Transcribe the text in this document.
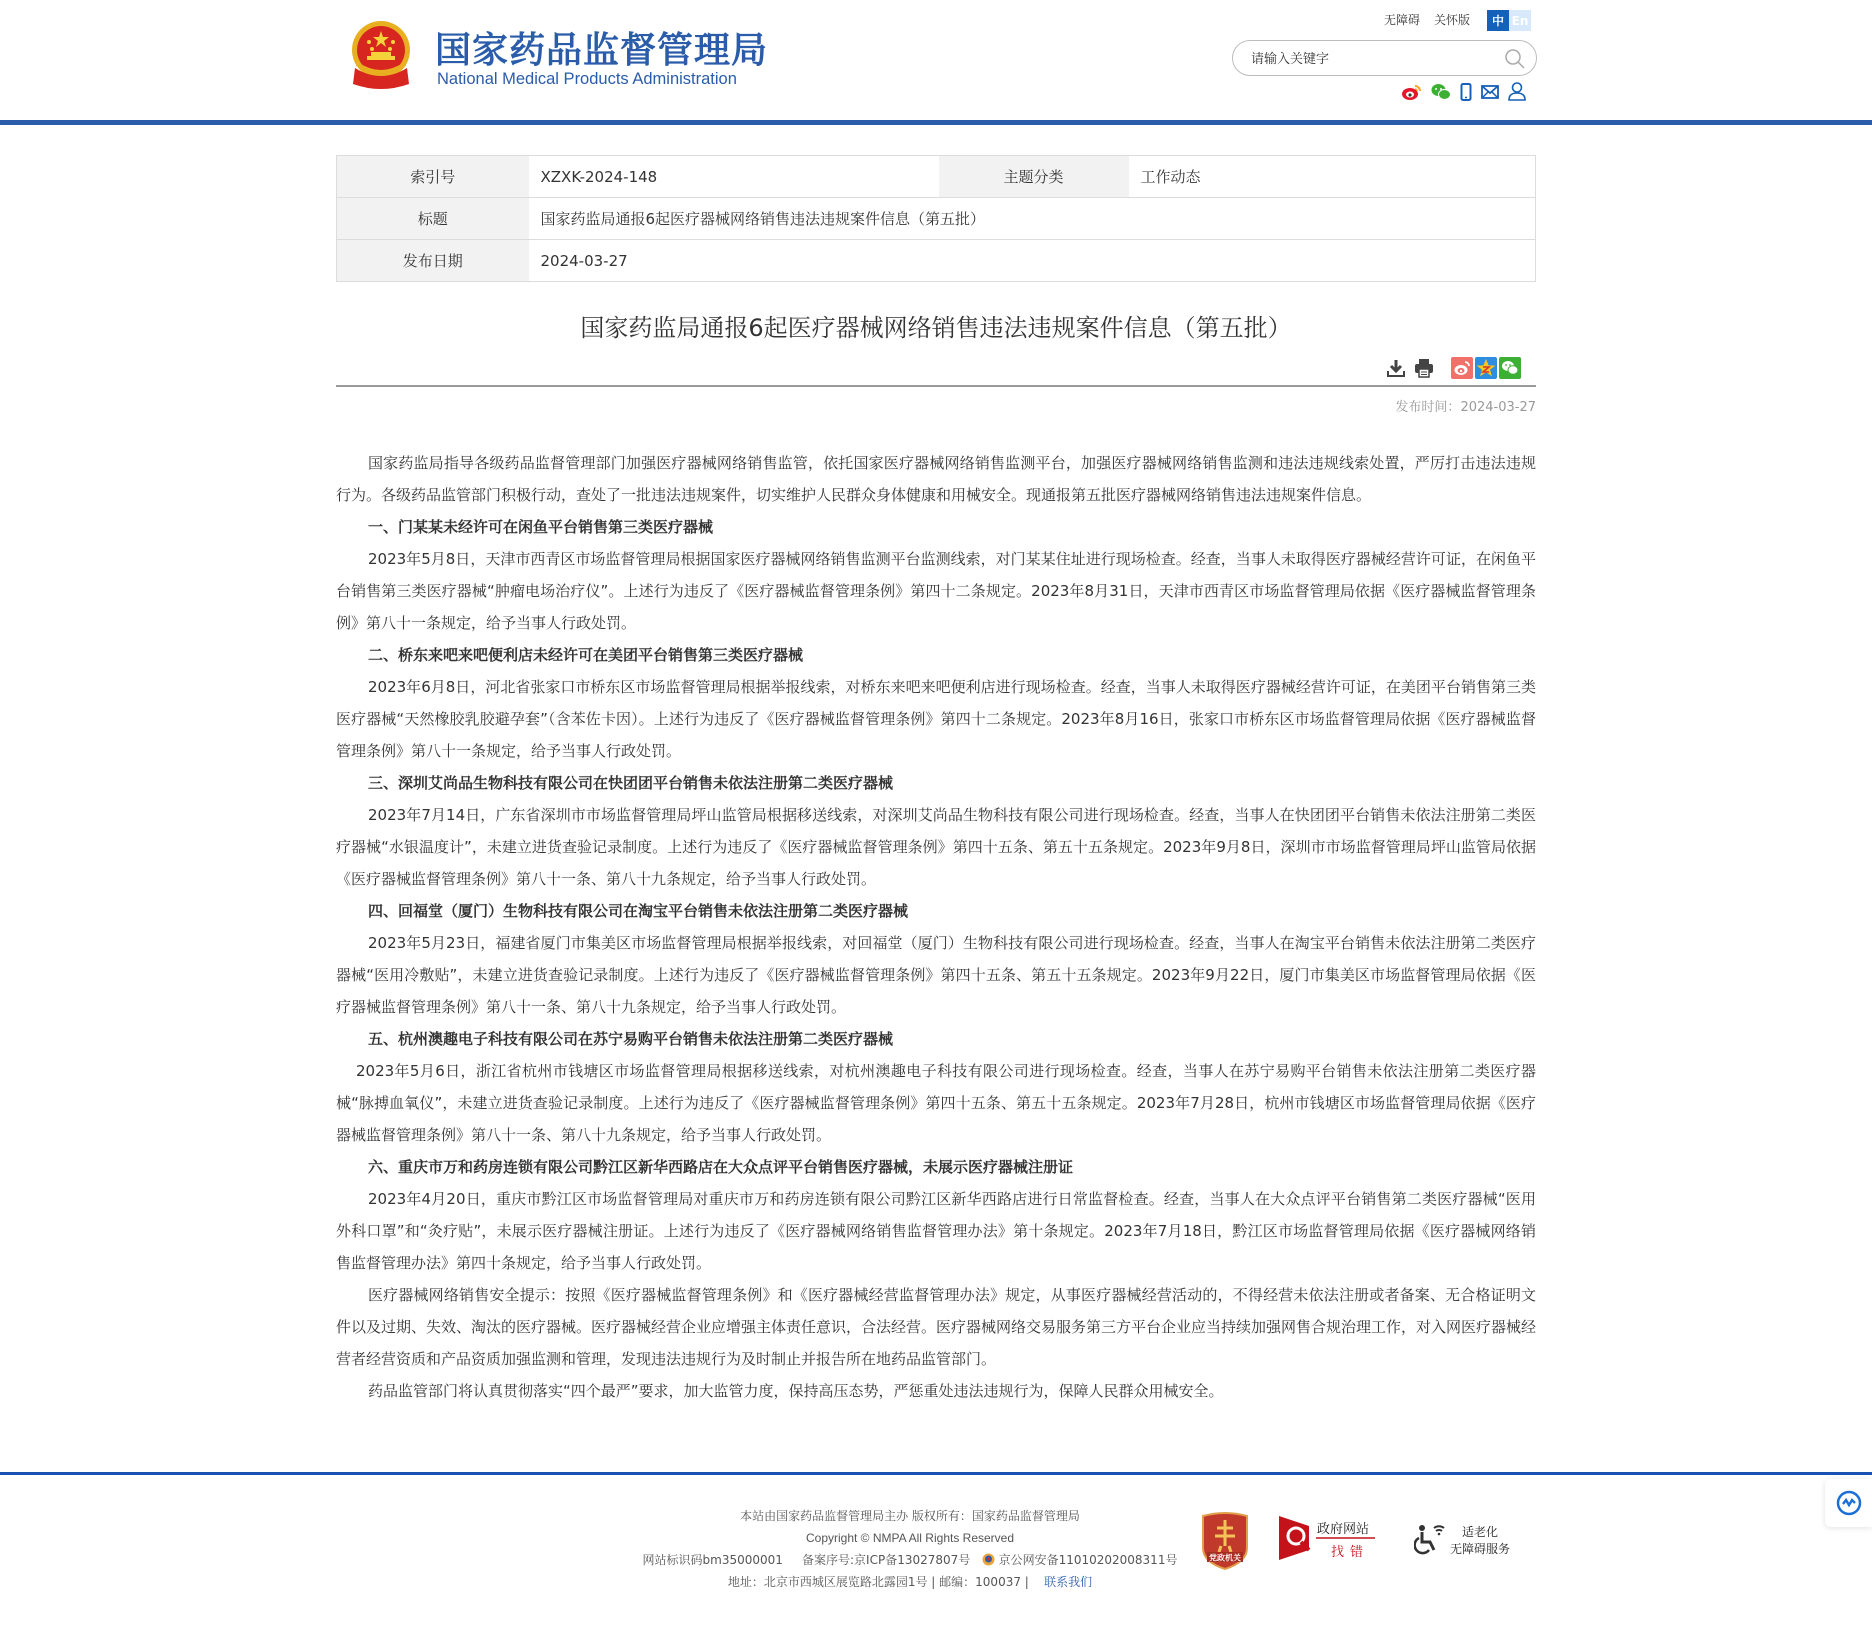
国家药品监督管理局
National Medical Products Administration
无障碍 关怀版	中 En
请输入关键字
索引号	XZXK-2024-148	主题分类	工作动态
标题	国家药监局通报6起医疗器械网络销售违法违规案件信息（第五批）		
发布日期	2024-03-27		
国家药监局通报6起医疗器械网络销售违法违规案件信息（第五批）
发布时间：2024-03-27

国家药监局指导各级药品监督管理部门加强医疗器械网络销售监管，依托国家医疗器械网络销售监测平台，加强医疗器械网络销售监测和违法违规线索处置，严厉打击违法违规行为。各级药品监管部门积极行动，查处了一批违法违规案件，切实维护人民群众身体健康和用械安全。现通报第五批医疗器械网络销售违法违规案件信息。

一、门某某未经许可在闲鱼平台销售第三类医疗器械

2023年5月8日，天津市西青区市场监督管理局根据国家医疗器械网络销售监测平台监测线索，对门某某住址进行现场检查。经查，当事人未取得医疗器械经营许可证，在闲鱼平台销售第三类医疗器械“肿瘤电场治疗仪”。上述行为违反了《医疗器械监督管理条例》第四十二条规定。2023年8月31日，天津市西青区市场监督管理局依据《医疗器械监督管理条例》第八十一条规定，给予当事人行政处罚。

二、桥东来吧来吧便利店未经许可在美团平台销售第三类医疗器械

2023年6月8日，河北省张家口市桥东区市场监督管理局根据举报线索，对桥东来吧来吧便利店进行现场检查。经查，当事人未取得医疗器械经营许可证，在美团平台销售第三类医疗器械“天然橡胶乳胶避孕套”（含苯佐卡因）。上述行为违反了《医疗器械监督管理条例》第四十二条规定。2023年8月16日，张家口市桥东区市场监督管理局依据《医疗器械监督管理条例》第八十一条规定，给予当事人行政处罚。

三、深圳艾尚品生物科技有限公司在快团团平台销售未依法注册第二类医疗器械

2023年7月14日，广东省深圳市市场监督管理局坪山监管局根据移送线索，对深圳艾尚品生物科技有限公司进行现场检查。经查，当事人在快团团平台销售未依法注册第二类医疗器械“水银温度计”，未建立进货查验记录制度。上述行为违反了《医疗器械监督管理条例》第四十五条、第五十五条规定。2023年9月8日，深圳市市场监督管理局坪山监管局依据《医疗器械监督管理条例》第八十一条、第八十九条规定，给予当事人行政处罚。

四、回福堂（厦门）生物科技有限公司在淘宝平台销售未依法注册第二类医疗器械

2023年5月23日，福建省厦门市集美区市场监督管理局根据举报线索，对回福堂（厦门）生物科技有限公司进行现场检查。经查，当事人在淘宝平台销售未依法注册第二类医疗器械“医用冷敷贴”，未建立进货查验记录制度。上述行为违反了《医疗器械监督管理条例》第四十五条、第五十五条规定。2023年9月22日，厦门市集美区市场监督管理局依据《医疗器械监督管理条例》第八十一条、第八十九条规定，给予当事人行政处罚。

五、杭州澳趣电子科技有限公司在苏宁易购平台销售未依法注册第二类医疗器械

2023年5月6日，浙江省杭州市钱塘区市场监督管理局根据移送线索，对杭州澳趣电子科技有限公司进行现场检查。经查，当事人在苏宁易购平台销售未依法注册第二类医疗器械“脉搏血氧仪”，未建立进货查验记录制度。上述行为违反了《医疗器械监督管理条例》第四十五条、第五十五条规定。2023年7月28日，杭州市钱塘区市场监督管理局依据《医疗器械监督管理条例》第八十一条、第八十九条规定，给予当事人行政处罚。

六、重庆市万和药房连锁有限公司黔江区新华西路店在大众点评平台销售医疗器械，未展示医疗器械注册证

2023年4月20日，重庆市黔江区市场监督管理局对重庆市万和药房连锁有限公司黔江区新华西路店进行日常监督检查。经查，当事人在大众点评平台销售第二类医疗器械“医用外科口罩”和“灸疗贴”，未展示医疗器械注册证。上述行为违反了《医疗器械网络销售监督管理办法》第十条规定。2023年7月18日，黔江区市场监督管理局依据《医疗器械网络销售监督管理办法》第四十条规定，给予当事人行政处罚。

医疗器械网络销售安全提示：按照《医疗器械监督管理条例》和《医疗器械经营监督管理办法》规定，从事医疗器械经营活动的，不得经营未依法注册或者备案、无合格证明文件以及过期、失效、淘汰的医疗器械。医疗器械经营企业应增强主体责任意识，合法经营。医疗器械网络交易服务第三方平台企业应当持续加强网售合规治理工作，对入网医疗器械经营者经营资质和产品资质加强监测和管理，发现违法违规行为及时制止并报告所在地药品监管部门。

药品监管部门将认真贯彻落实“四个最严”要求，加大监管力度，保持高压态势，严惩重处违法违规行为，保障人民群众用械安全。

本站由国家药品监督管理局主办 版权所有：国家药品监督管理局
Copyright © NMPA All Rights Reserved
网站标识码bm35000001 备案序号:京ICP备13027807号 京公网安备11010202008311号
地址：北京市西城区展览路北露园1号 | 邮编：100037 | 联系我们
党政机关
政府网站
找错
适老化
无障碍服务
